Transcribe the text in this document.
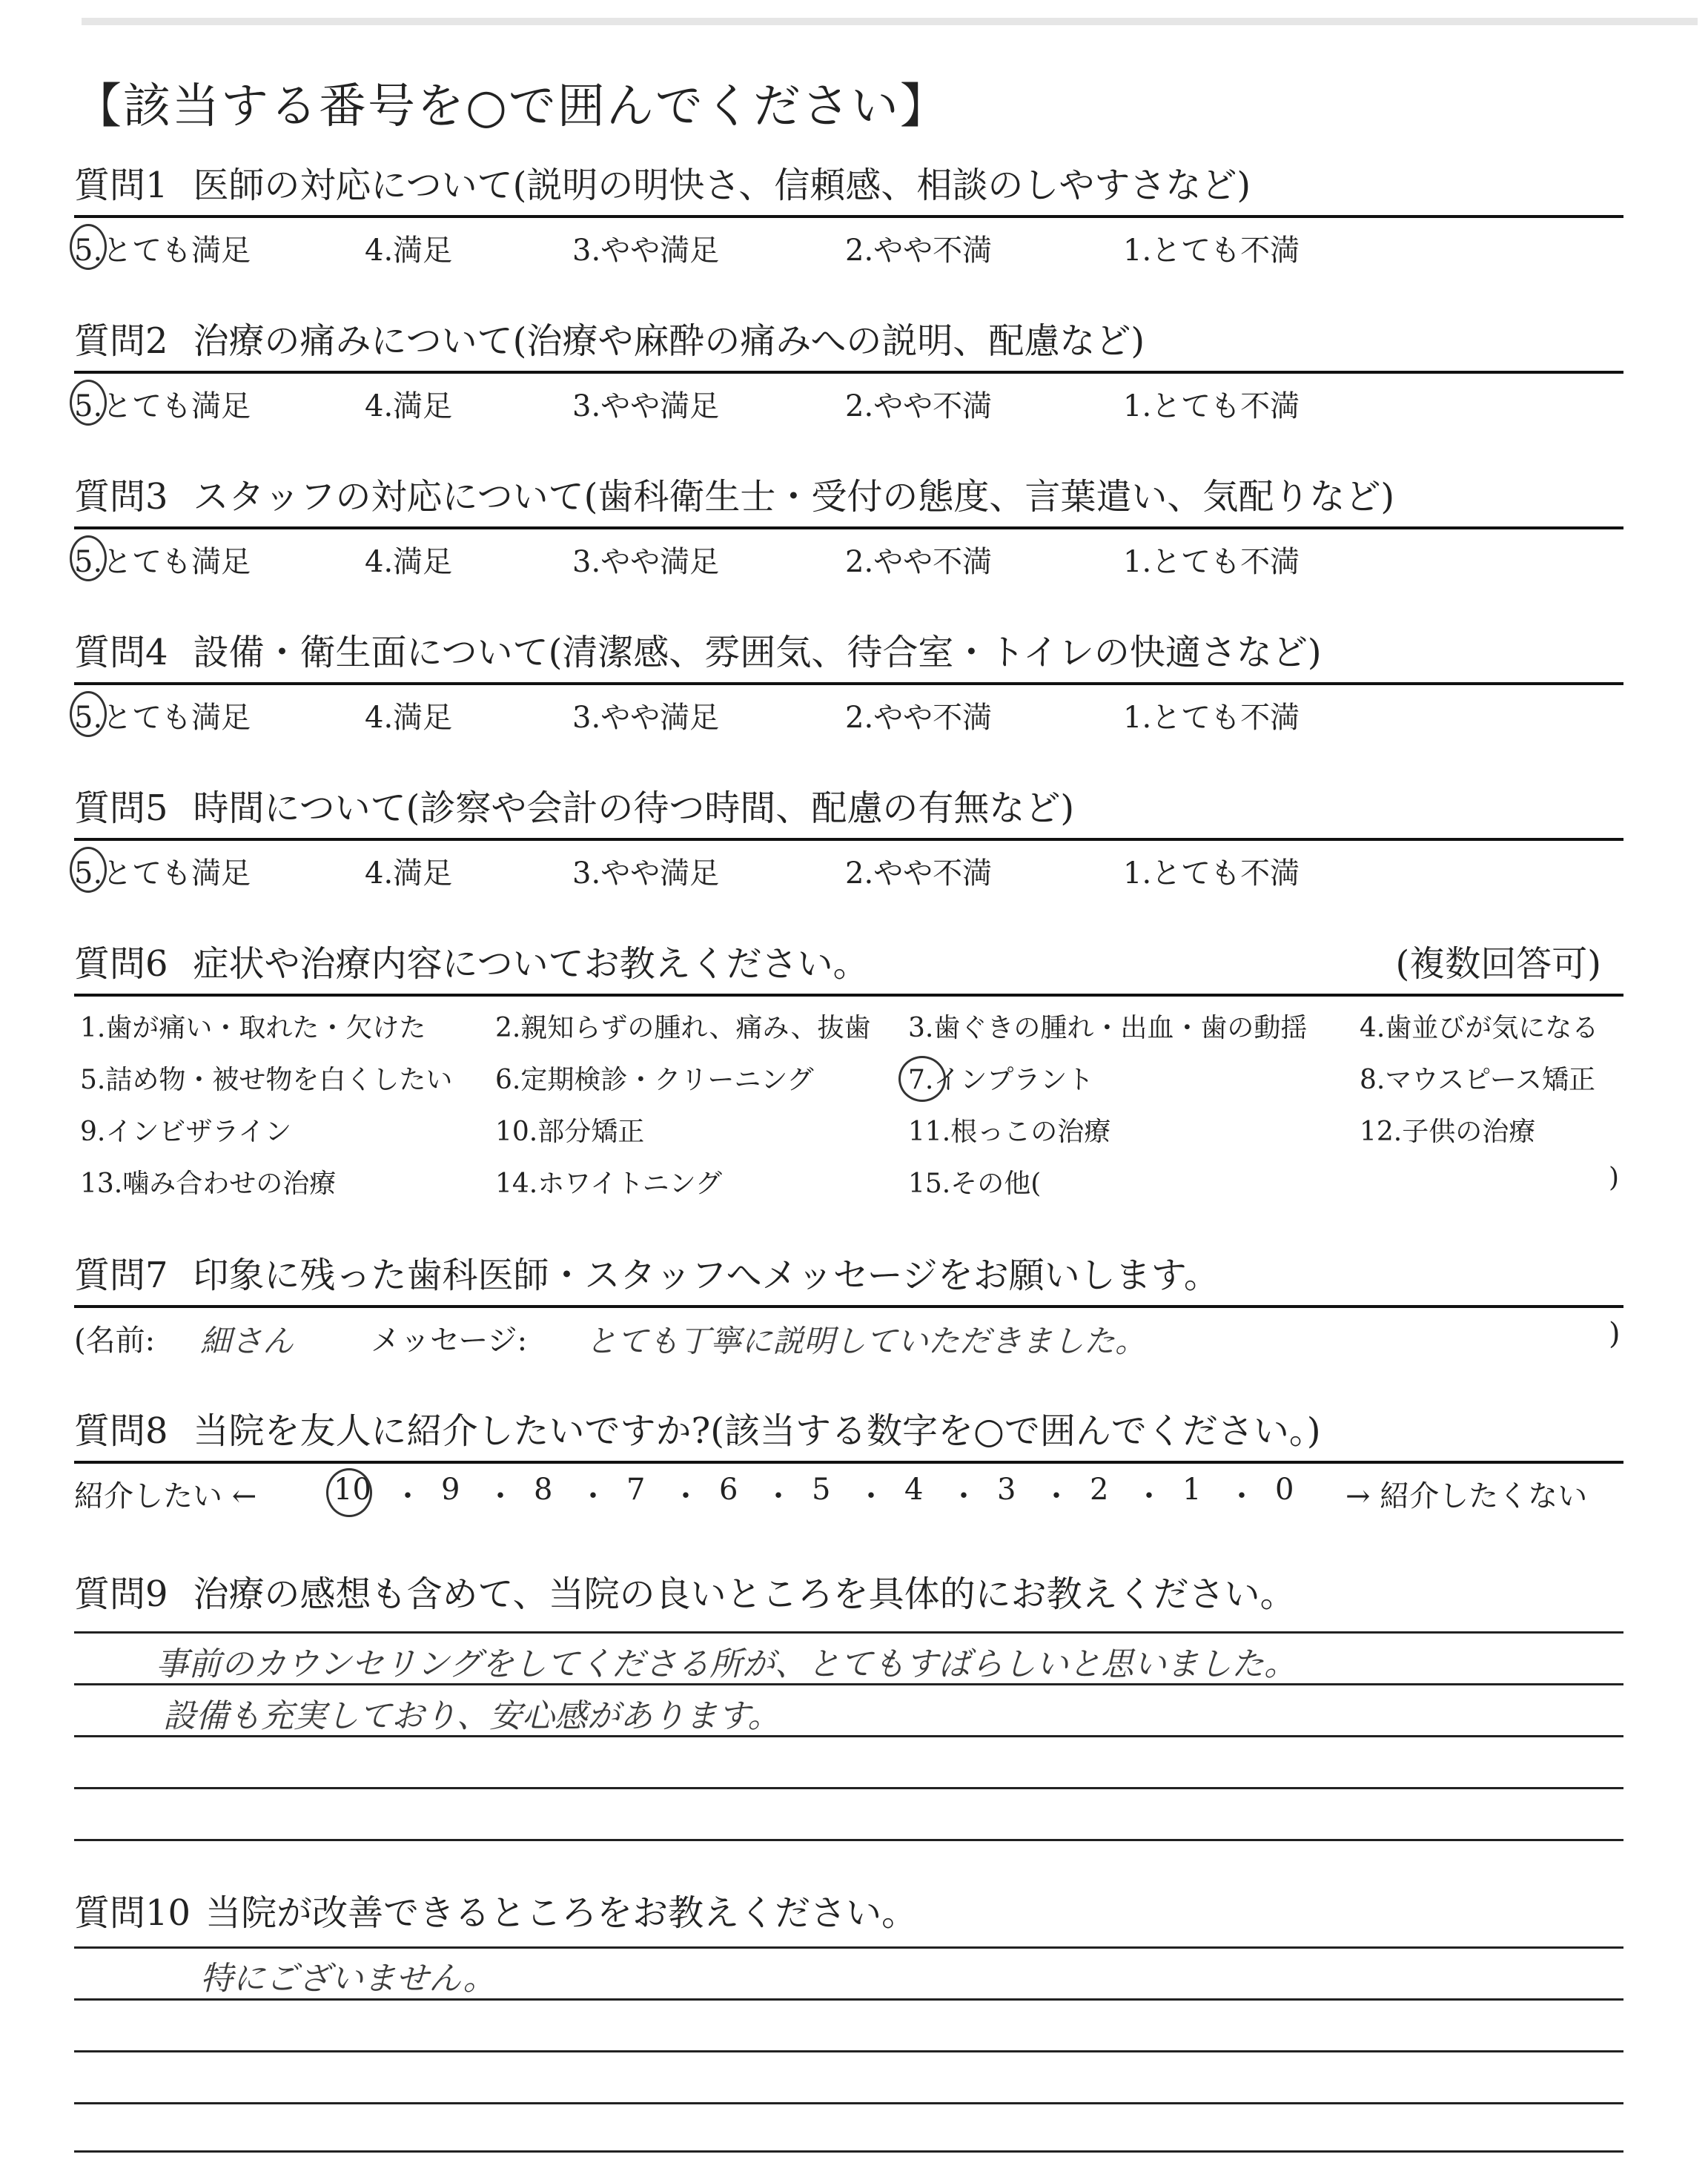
【該当する番号を○で囲んでください】
質問1 医師の対応について(説明の明快さ、信頼感、相談のしやすさなど)
5.とても満足	4.満足	3.やや満足	2.やや不満	1.とても不満
質問2 治療の痛みについて(治療や麻酔の痛みへの説明、配慮など)
5.とても満足	4.満足	3.やや満足	2.やや不満	1.とても不満
質問3 スタッフの対応について(歯科衛生士・受付の態度、言葉遣い、気配りなど)
5.とても満足	4.満足	3.やや満足	2.やや不満	1.とても不満
質問4 設備・衛生面について(清潔感、雰囲気、待合室・トイレの快適さなど)
5.とても満足	4.満足	3.やや満足	2.やや不満	1.とても不満
質問5 時間について(診察や会計の待つ時間、配慮の有無など)
5.とても満足	4.満足	3.やや満足	2.やや不満	1.とても不満
質問6 症状や治療内容についてお教えください。	(複数回答可)
1.歯が痛い・取れた・欠けた	2.親知らずの腫れ、痛み、抜歯 3.歯ぐきの腫れ・出血・歯の動揺 4.歯並びが気になる
5.詰め物・被せ物を白くしたい 6.定期検診・クリーニング	7.インプラント	8.マウスピース矯正
9.インビザライン	10.部分矯正	11.根っこの治療	12.子供の治療
13.噛み合わせの治療	14.ホワイトニング	15.その他(	)
質問7 印象に残った歯科医師・スタッフへメッセージをお願いします。
(名前: 細さん	メッセージ: とても丁寧に説明していただきました。	)
質問8 当院を友人に紹介したいですか?(該当する数字を○で囲んでください。)
紹介したい ←	10 ・ 9 ・ 8 ・ 7 ・ 6 ・ 5 ・ 4 ・ 3 ・ 2 ・ 1 ・ 0 → 紹介したくない
質問9 治療の感想も含めて、当院の良いところを具体的にお教えください。
事前のカウンセリングをしてくださる所が、とてもすばらしいと思いました。
設備も充実しており、安心感があります。
質問10 当院が改善できるところをお教えください。
特にございません。
